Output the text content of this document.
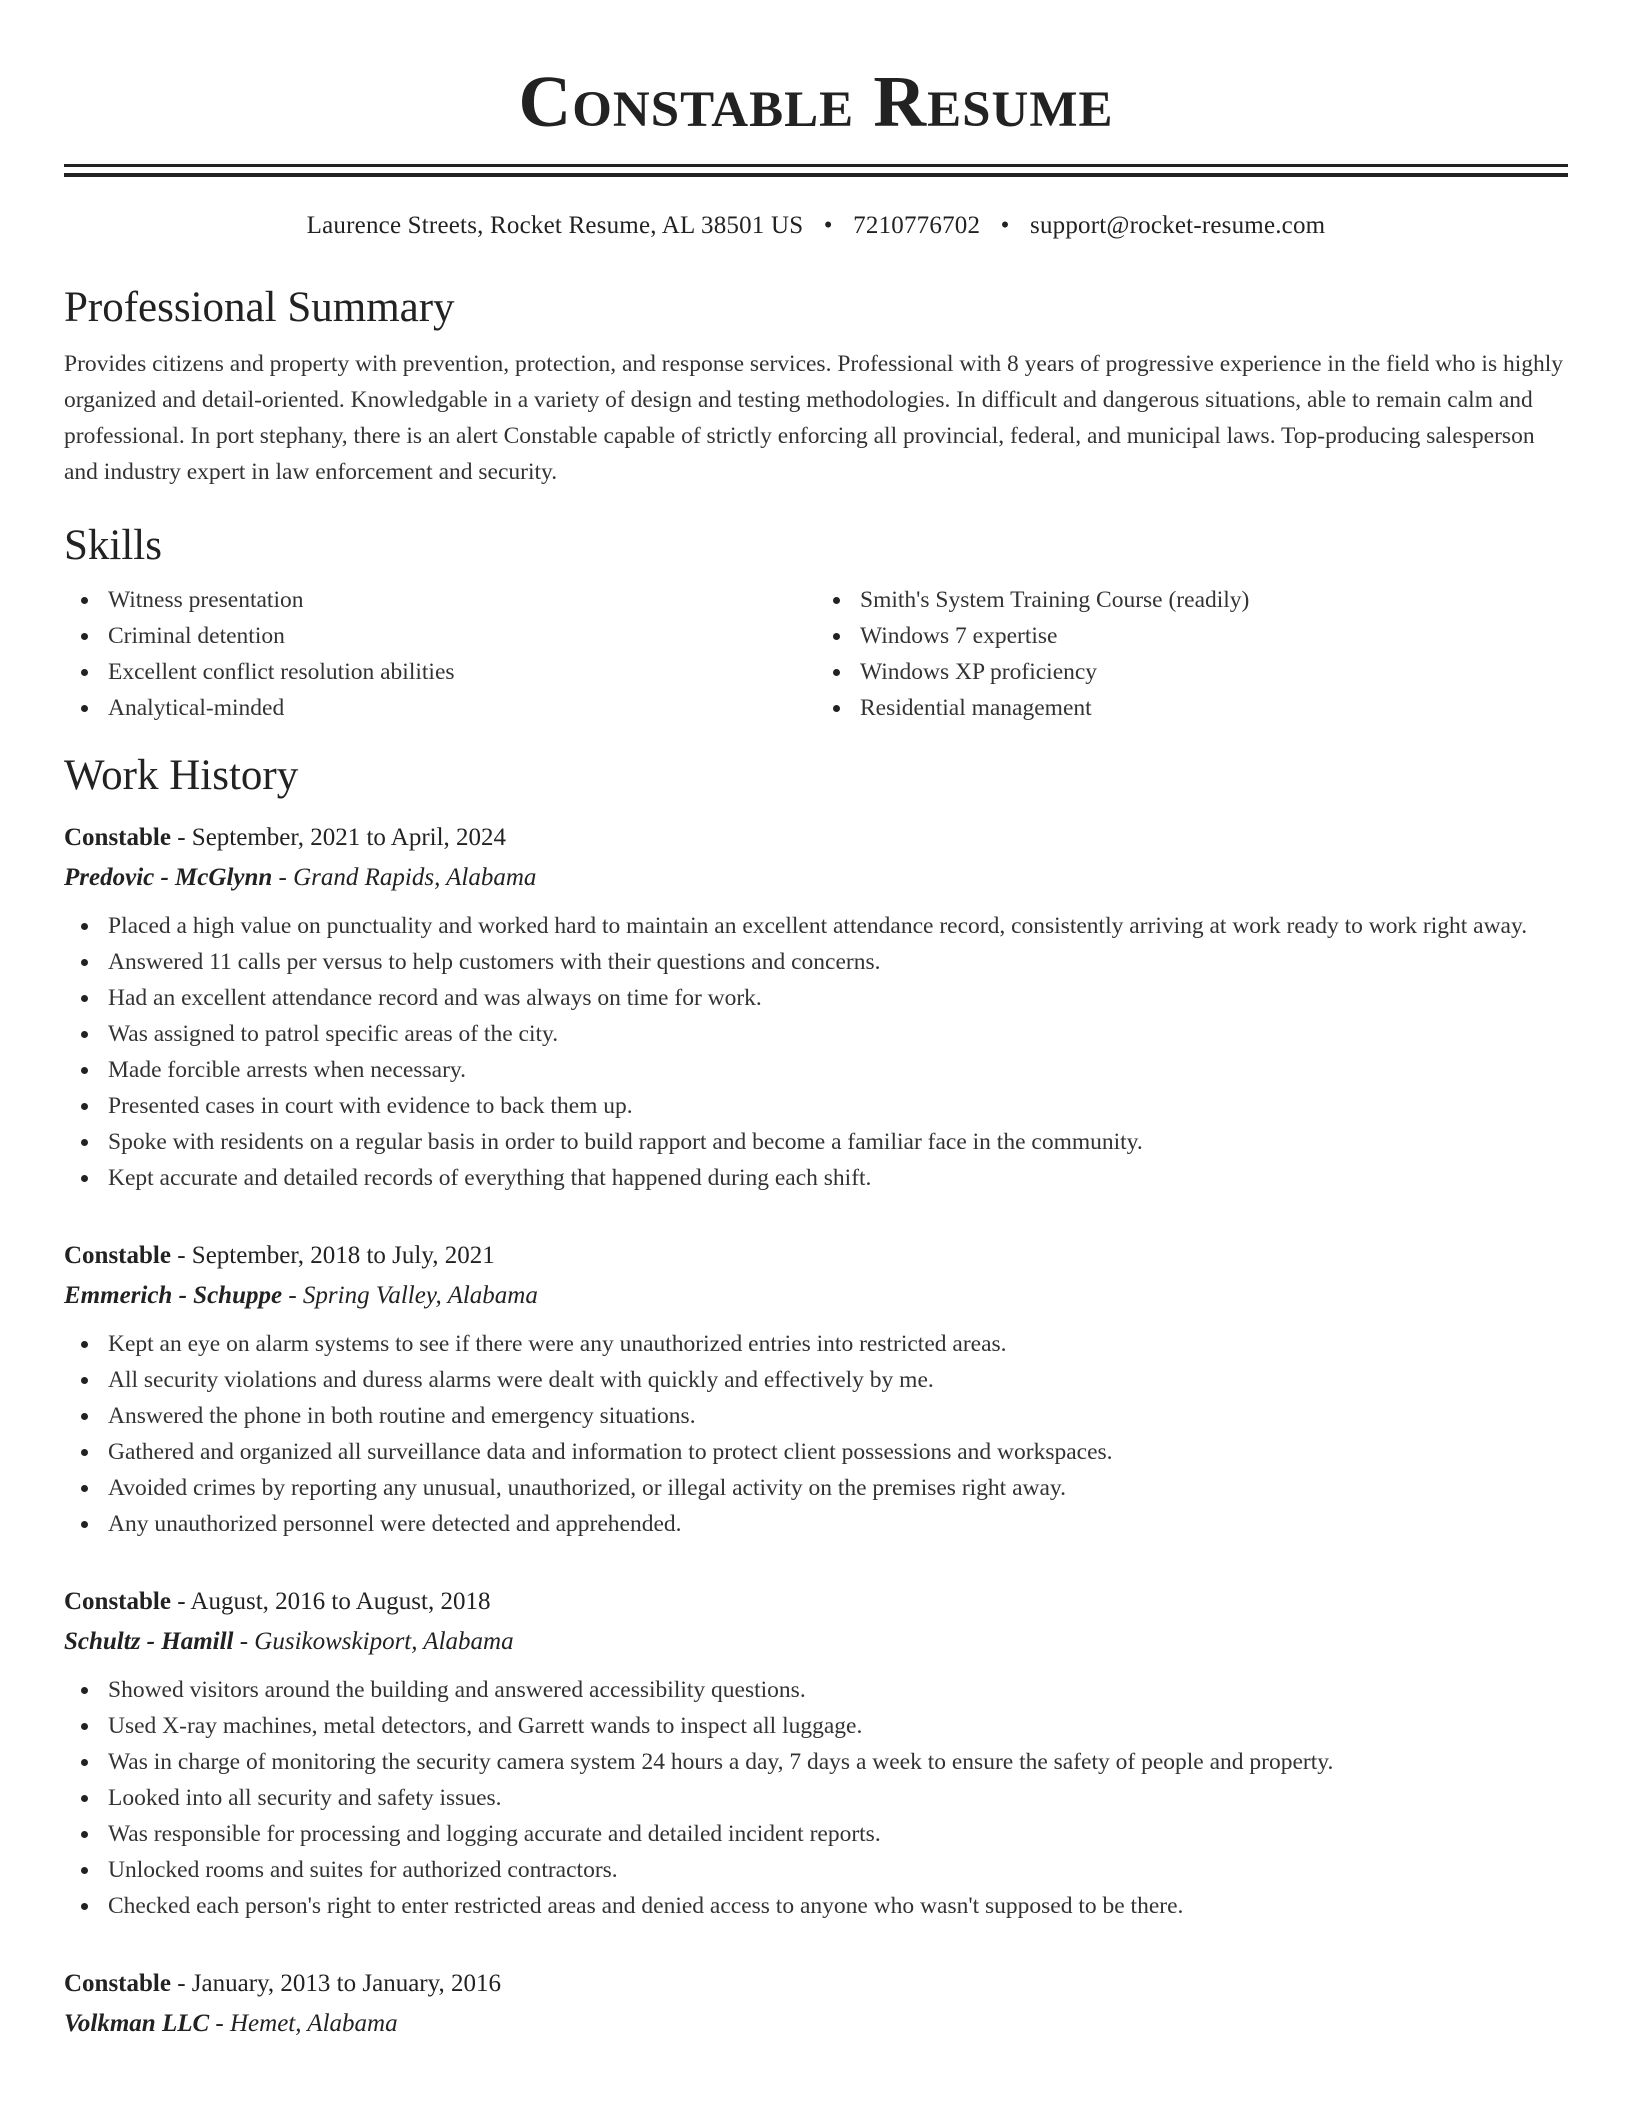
Constable Resume
Laurence Streets, Rocket Resume, AL 38501 US • 7210776702 • support@rocket-resume.com
Professional Summary
Provides citizens and property with prevention, protection, and response services. Professional with 8 years of progressive experience in the field who is highly organized and detail-oriented. Knowledgable in a variety of design and testing methodologies. In difficult and dangerous situations, able to remain calm and professional. In port stephany, there is an alert Constable capable of strictly enforcing all provincial, federal, and municipal laws. Top-producing salesperson and industry expert in law enforcement and security.
Skills
Witness presentation
Criminal detention
Excellent conflict resolution abilities
Analytical-minded
Smith's System Training Course (readily)
Windows 7 expertise
Windows XP proficiency
Residential management
Work History
Constable - September, 2021 to April, 2024
Predovic - McGlynn - Grand Rapids, Alabama
Placed a high value on punctuality and worked hard to maintain an excellent attendance record, consistently arriving at work ready to work right away.
Answered 11 calls per versus to help customers with their questions and concerns.
Had an excellent attendance record and was always on time for work.
Was assigned to patrol specific areas of the city.
Made forcible arrests when necessary.
Presented cases in court with evidence to back them up.
Spoke with residents on a regular basis in order to build rapport and become a familiar face in the community.
Kept accurate and detailed records of everything that happened during each shift.
Constable - September, 2018 to July, 2021
Emmerich - Schuppe - Spring Valley, Alabama
Kept an eye on alarm systems to see if there were any unauthorized entries into restricted areas.
All security violations and duress alarms were dealt with quickly and effectively by me.
Answered the phone in both routine and emergency situations.
Gathered and organized all surveillance data and information to protect client possessions and workspaces.
Avoided crimes by reporting any unusual, unauthorized, or illegal activity on the premises right away.
Any unauthorized personnel were detected and apprehended.
Constable - August, 2016 to August, 2018
Schultz - Hamill - Gusikowskiport, Alabama
Showed visitors around the building and answered accessibility questions.
Used X-ray machines, metal detectors, and Garrett wands to inspect all luggage.
Was in charge of monitoring the security camera system 24 hours a day, 7 days a week to ensure the safety of people and property.
Looked into all security and safety issues.
Was responsible for processing and logging accurate and detailed incident reports.
Unlocked rooms and suites for authorized contractors.
Checked each person's right to enter restricted areas and denied access to anyone who wasn't supposed to be there.
Constable - January, 2013 to January, 2016
Volkman LLC - Hemet, Alabama
